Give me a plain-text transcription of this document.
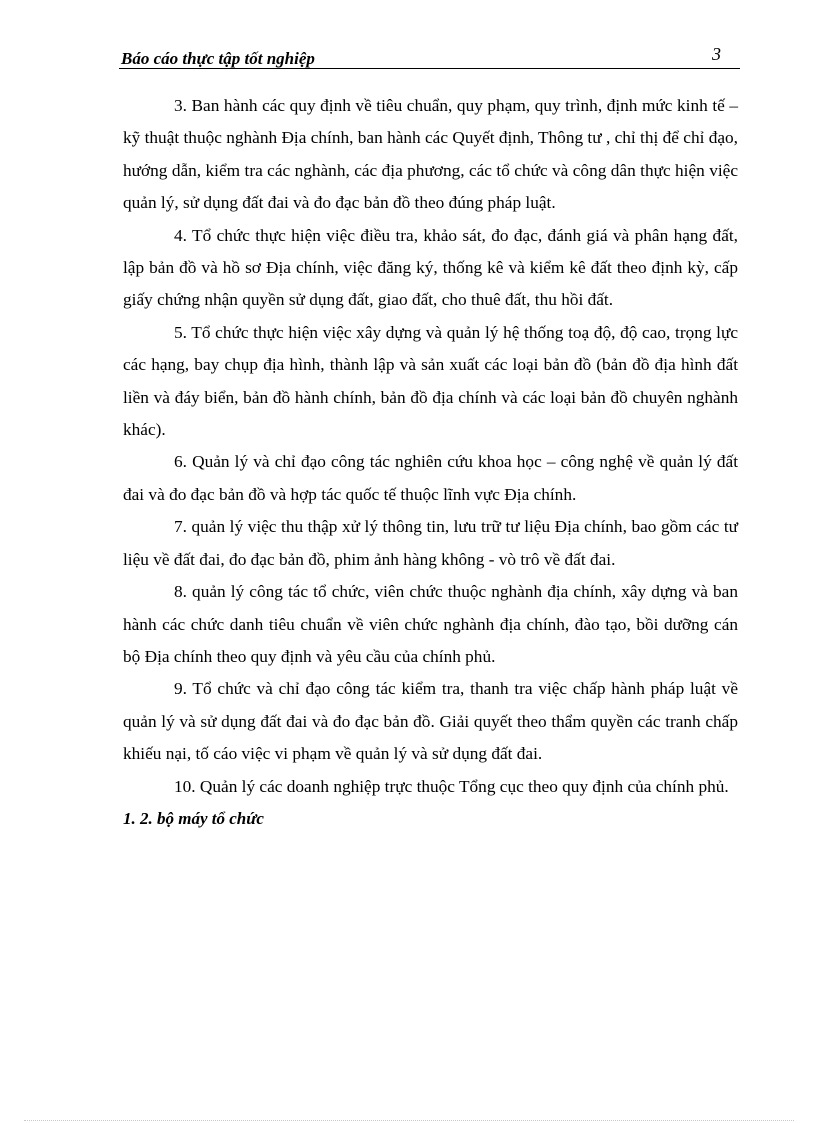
Báo cáo thực tập tốt nghiệp	3

3. Ban hành các quy định về tiêu chuẩn, quy phạm, quy trình, định mức kinh tế – kỹ thuật thuộc nghành Địa chính, ban hành các Quyết định, Thông tư , chỉ thị để chỉ đạo, hướng dẫn, kiểm tra các nghành, các địa phương, các tổ chức và công dân thực hiện việc quản lý, sử dụng đất đai và đo đạc bản đồ theo đúng pháp luật.

4. Tổ chức thực hiện việc điều tra, khảo sát, đo đạc, đánh giá và phân hạng đất, lập bản đồ và hồ sơ Địa chính, việc đăng ký, thống kê và kiểm kê đất theo định kỳ, cấp giấy chứng nhận quyền sử dụng đất, giao đất, cho thuê đất, thu hồi đất.

5. Tổ chức thực hiện việc xây dựng và quản lý hệ thống toạ độ, độ cao, trọng lực các hạng, bay chụp địa hình, thành lập và sản xuất các loại bản đồ (bản đồ địa hình đất liền và đáy biển, bản đồ hành chính, bản đồ địa chính và các loại bản đồ chuyên nghành khác).

6. Quản lý và chỉ đạo công tác nghiên cứu khoa học – công nghệ về quản lý đất đai và đo đạc bản đồ và hợp tác quốc tế thuộc lĩnh vực Địa chính.

7. quản lý việc thu thập xử lý thông tin, lưu trữ tư liệu Địa chính, bao gồm các tư liệu về đất đai, đo đạc bản đồ, phim ảnh hàng không - vò trô về đất đai.

8. quản lý công tác tổ chức, viên chức thuộc nghành địa chính, xây dựng và ban hành các chức danh tiêu chuẩn về viên chức nghành địa chính, đào tạo, bồi dưỡng cán bộ Địa chính theo quy định và yêu cầu của chính phủ.

9. Tổ chức và chỉ đạo công tác kiểm tra, thanh tra việc chấp hành pháp luật về quản lý và sử dụng đất đai và đo đạc bản đồ. Giải quyết theo thẩm quyền các tranh chấp khiếu nại, tố cáo việc vi phạm về quản lý và sử dụng đất đai.

10. Quản lý các doanh nghiệp trực thuộc Tổng cục theo quy định của chính phủ.

1. 2. bộ máy tổ chức
